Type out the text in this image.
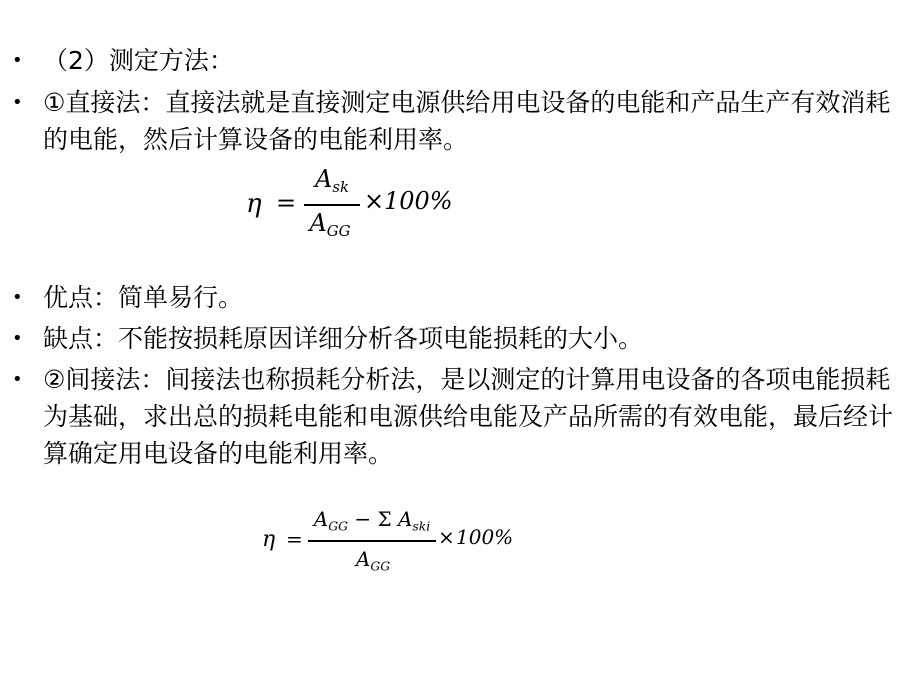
• （2）测定方法：
• ①直接法：直接法就是直接测定电源供给用电设备的电能和产品生产有效消耗的电能，然后计算设备的电能利用率。
• 优点：简单易行。
• 缺点：不能按损耗原因详细分析各项电能损耗的大小。
• ②间接法：间接法也称损耗分析法，是以测定的计算用电设备的各项电能损耗为基础，求出总的损耗电能和电源供给电能及产品所需的有效电能，最后经计算确定用电设备的电能利用率。
η =
$A_{sk}$
$A_{GG}$
× 100%
η =
$A_{GG} - \Sigma$ $A_{ski}$
$A_{GG}$
× 100%
